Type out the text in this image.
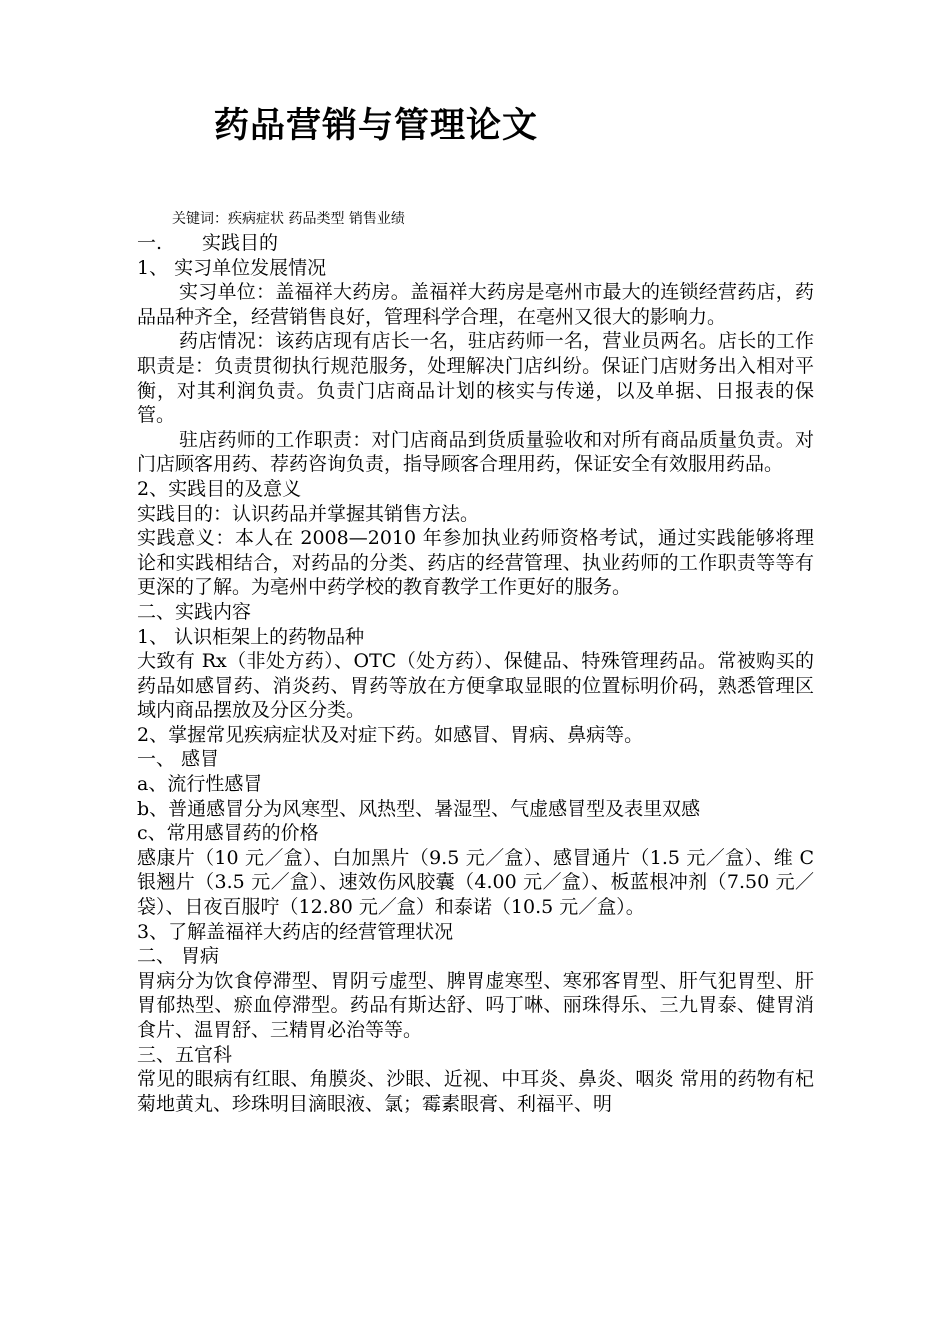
药品营销与管理论文
关键词：疾病症状 药品类型 销售业绩

一. 实践目的

1、 实习单位发展情况

实习单位：盖福祥大药房。盖福祥大药房是亳州市最大的连锁经营药店，药品品种齐全，经营销售良好，管理科学合理，在亳州又很大的影响力。

药店情况：该药店现有店长一名，驻店药师一名，营业员两名。店长的工作职责是：负责贯彻执行规范服务，处理解决门店纠纷。保证门店财务出入相对平衡，对其利润负责。负责门店商品计划的核实与传递，以及单据、日报表的保管。

驻店药师的工作职责：对门店商品到货质量验收和对所有商品质量负责。对门店顾客用药、荐药咨询负责，指导顾客合理用药，保证安全有效服用药品。

2、实践目的及意义

实践目的：认识药品并掌握其销售方法。

实践意义：本人在 2008—2010 年参加执业药师资格考试，通过实践能够将理论和实践相结合，对药品的分类、药店的经营管理、执业药师的工作职责等等有更深的了解。为亳州中药学校的教育教学工作更好的服务。

二、实践内容

1、 认识柜架上的药物品种

大致有 Rx（非处方药）、OTC（处方药）、保健品、特殊管理药品。常被购买的药品如感冒药、消炎药、胃药等放在方便拿取显眼的位置标明价码，熟悉管理区域内商品摆放及分区分类。

2、掌握常见疾病症状及对症下药。如感冒、胃病、鼻病等。

一、 感冒

a、流行性感冒

b、普通感冒分为风寒型、风热型、暑湿型、气虚感冒型及表里双感

c、常用感冒药的价格

感康片（10 元／盒）、白加黑片（9.5 元／盒）、感冒通片（1.5 元／盒）、维 C 银翘片（3.5 元／盒）、速效伤风胶囊（4.00 元／盒）、板蓝根冲剂（7.50 元／袋）、日夜百服咛（12.80 元／盒）和泰诺（10.5 元／盒）。

3、了解盖福祥大药店的经营管理状况

二、 胃病

胃病分为饮食停滞型、胃阴亏虚型、脾胃虚寒型、寒邪客胃型、肝气犯胃型、肝胃郁热型、瘀血停滞型。药品有斯达舒、吗丁啉、丽珠得乐、三九胃泰、健胃消食片、温胃舒、三精胃必治等等。

三、五官科

常见的眼病有红眼、角膜炎、沙眼、近视、中耳炎、鼻炎、咽炎 常用的药物有杞菊地黄丸、珍珠明目滴眼液、氯；霉素眼膏、利福平、明
